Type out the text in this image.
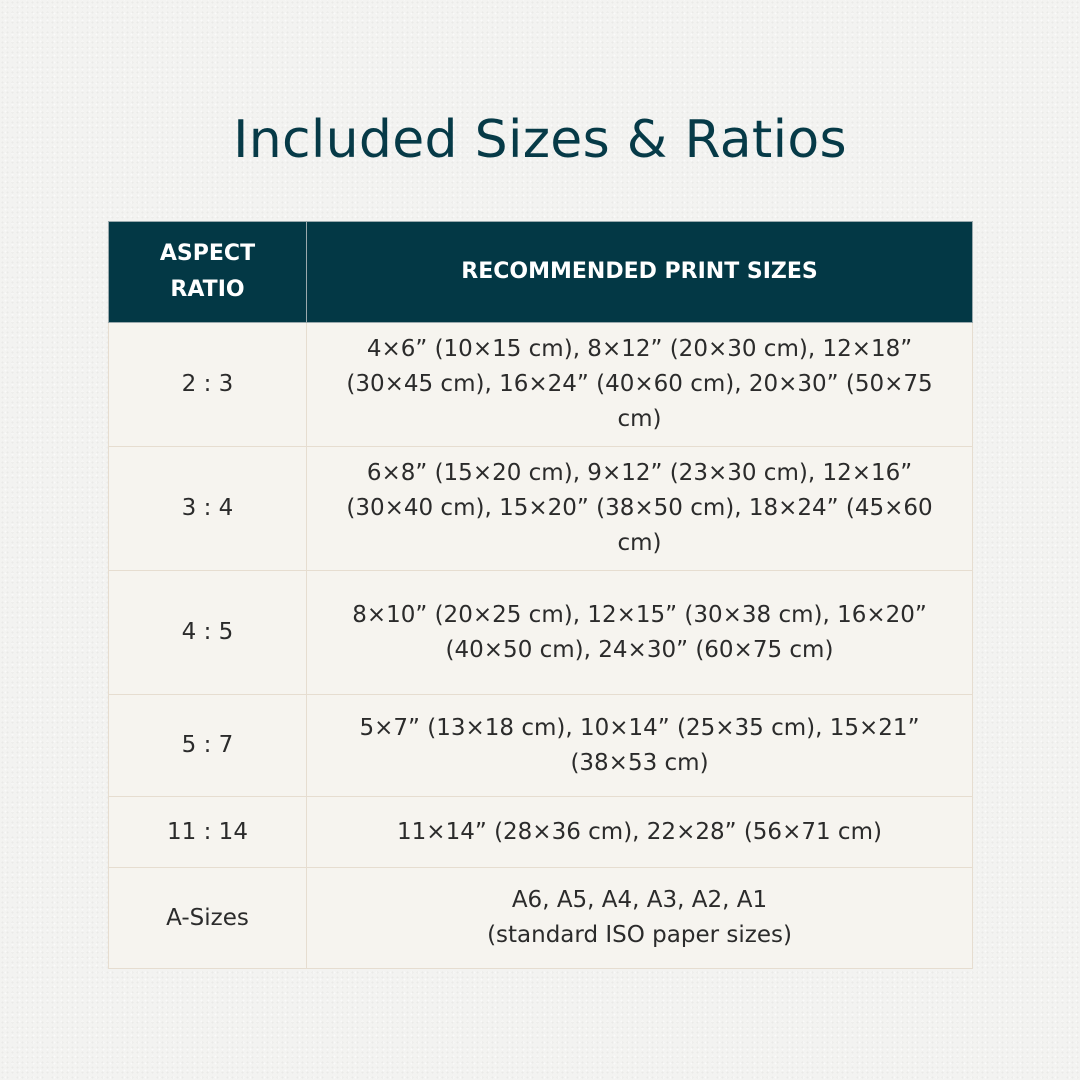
Included Sizes & Ratios
ASPECT
RATIO	RECOMMENDED PRINT SIZES
2 : 3	4×6” (10×15 cm), 8×12” (20×30 cm), 12×18” (30×45 cm), 16×24” (40×60 cm), 20×30” (50×75 cm)
3 : 4	6×8” (15×20 cm), 9×12” (23×30 cm), 12×16” (30×40 cm), 15×20” (38×50 cm), 18×24” (45×60 cm)
4 : 5	8×10” (20×25 cm), 12×15” (30×38 cm), 16×20” (40×50 cm), 24×30” (60×75 cm)
5 : 7	5×7” (13×18 cm), 10×14” (25×35 cm), 15×21” (38×53 cm)
11 : 14	11×14” (28×36 cm), 22×28” (56×71 cm)
A-Sizes	A6, A5, A4, A3, A2, A1
(standard ISO paper sizes)
